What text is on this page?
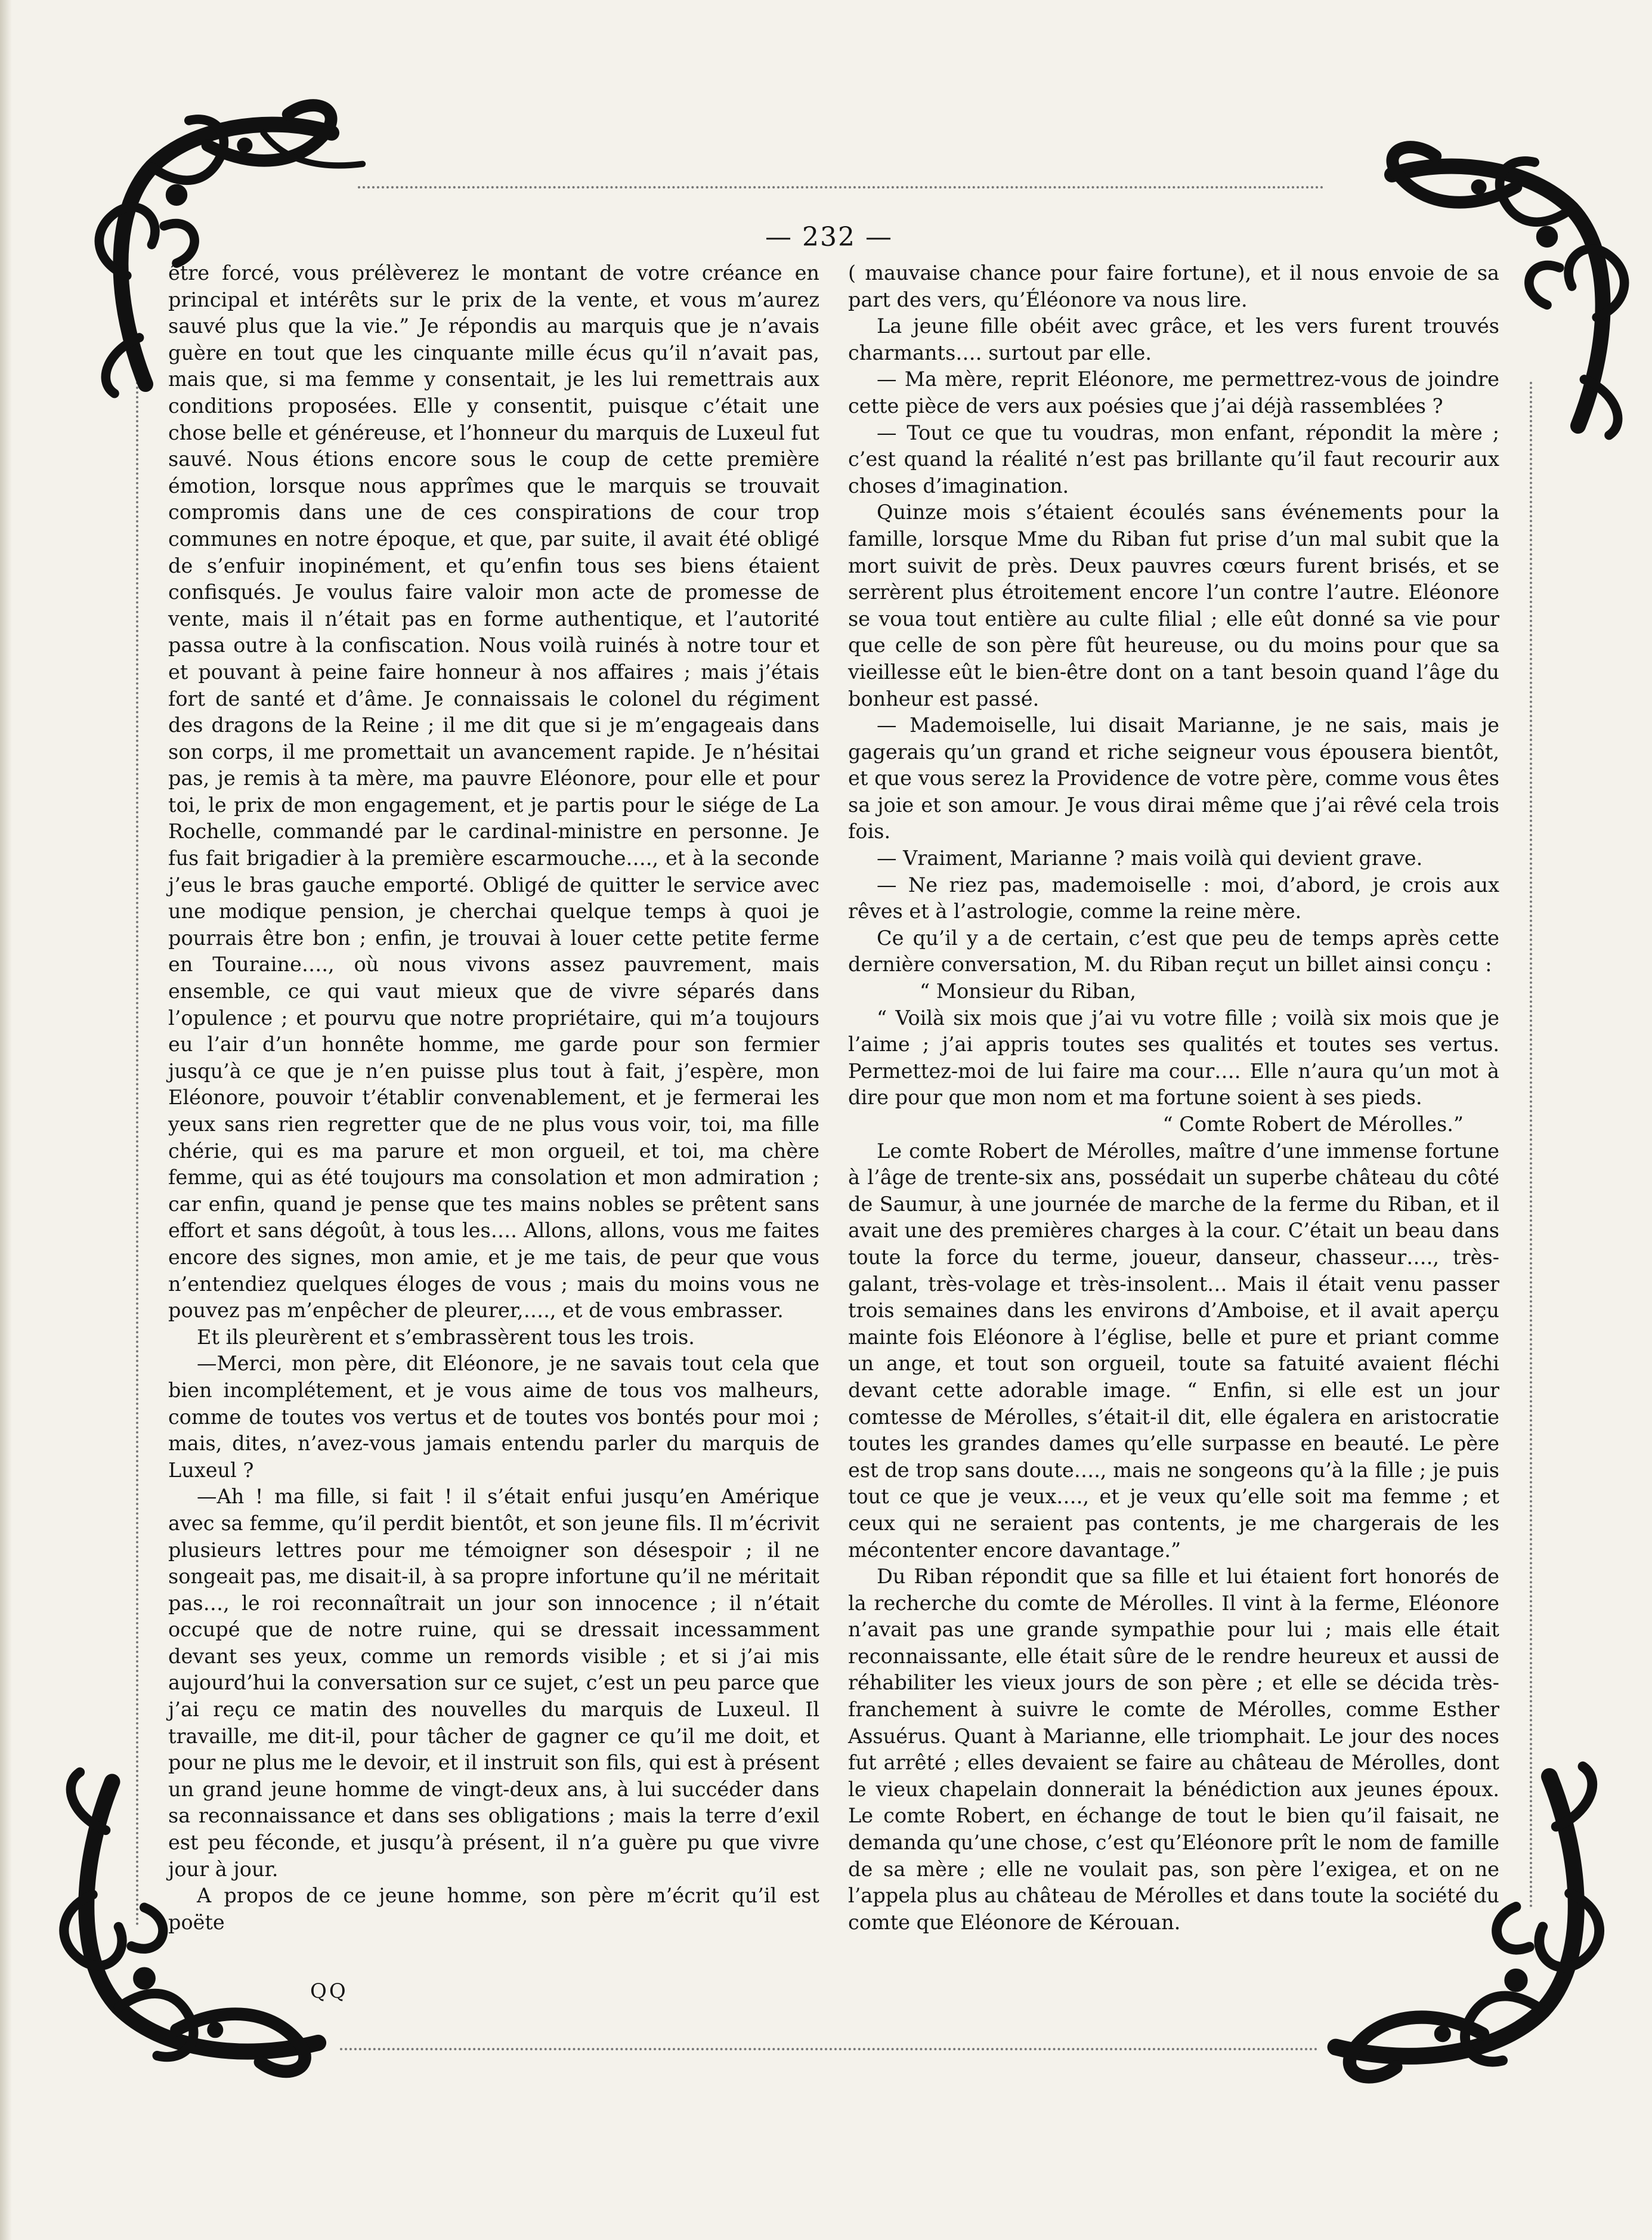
— 232 —

être forcé, vous prélèverez le montant de votre créance en principal et intérêts sur le prix de la vente, et vous m’aurez sauvé plus que la vie.” Je répondis au marquis que je n’avais guère en tout que les cinquante mille écus qu’il n’avait pas, mais que, si ma femme y consentait, je les lui remettrais aux conditions proposées. Elle y consentit, puisque c’était une chose belle et généreuse, et l’honneur du marquis de Luxeul fut sauvé. Nous étions encore sous le coup de cette première émotion, lorsque nous apprîmes que le marquis se trouvait compromis dans une de ces conspirations de cour trop communes en notre époque, et que, par suite, il avait été obligé de s’enfuir inopinément, et qu’enfin tous ses biens étaient confisqués. Je voulus faire valoir mon acte de promesse de vente, mais il n’était pas en forme authentique, et l’autorité passa outre à la confiscation. Nous voilà ruinés à notre tour et et pouvant à peine faire honneur à nos affaires ; mais j’étais fort de santé et d’âme. Je connaissais le colonel du régiment des dragons de la Reine ; il me dit que si je m’engageais dans son corps, il me promettait un avancement rapide. Je n’hésitai pas, je remis à ta mère, ma pauvre Eléonore, pour elle et pour toi, le prix de mon engagement, et je partis pour le siége de La Rochelle, commandé par le cardinal-ministre en personne. Je fus fait brigadier à la première escarmouche…., et à la seconde j’eus le bras gauche emporté. Obligé de quitter le service avec une modique pension, je cherchai quelque temps à quoi je pourrais être bon ; enfin, je trouvai à louer cette petite ferme en Touraine…., où nous vivons assez pauvrement, mais ensemble, ce qui vaut mieux que de vivre séparés dans l’opulence ; et pourvu que notre propriétaire, qui m’a toujours eu l’air d’un honnête homme, me garde pour son fermier jusqu’à ce que je n’en puisse plus tout à fait, j’espère, mon Eléonore, pouvoir t’établir convenablement, et je fermerai les yeux sans rien regretter que de ne plus vous voir, toi, ma fille chérie, qui es ma parure et mon orgueil, et toi, ma chère femme, qui as été toujours ma consolation et mon admiration ; car enfin, quand je pense que tes mains nobles se prêtent sans effort et sans dégoût, à tous les…. Allons, allons, vous me faites encore des signes, mon amie, et je me tais, de peur que vous n’entendiez quelques éloges de vous ; mais du moins vous ne pouvez pas m’enpêcher de pleurer,…., et de vous embrasser.

Et ils pleurèrent et s’embrassèrent tous les trois.

—Merci, mon père, dit Eléonore, je ne savais tout cela que bien incomplétement, et je vous aime de tous vos malheurs, comme de toutes vos vertus et de toutes vos bontés pour moi ; mais, dites, n’avez-vous jamais entendu parler du marquis de Luxeul ?

—Ah ! ma fille, si fait ! il s’était enfui jusqu’en Amérique avec sa femme, qu’il perdit bientôt, et son jeune fils. Il m’écrivit plusieurs lettres pour me témoigner son désespoir ; il ne songeait pas, me disait-il, à sa propre infortune qu’il ne méritait pas…, le roi reconnaîtrait un jour son innocence ; il n’était occupé que de notre ruine, qui se dressait incessamment devant ses yeux, comme un remords visible ; et si j’ai mis aujourd’hui la conversation sur ce sujet, c’est un peu parce que j’ai reçu ce matin des nouvelles du marquis de Luxeul. Il travaille, me dit-il, pour tâcher de gagner ce qu’il me doit, et pour ne plus me le devoir, et il instruit son fils, qui est à présent un grand jeune homme de vingt-deux ans, à lui succéder dans sa reconnaissance et dans ses obligations ; mais la terre d’exil est peu féconde, et jusqu’à présent, il n’a guère pu que vivre jour à jour.

A propos de ce jeune homme, son père m’écrit qu’il est poëte

QQ

( mauvaise chance pour faire fortune), et il nous envoie de sa part des vers, qu’Éléonore va nous lire.

La jeune fille obéit avec grâce, et les vers furent trouvés charmants…. surtout par elle.

— Ma mère, reprit Eléonore, me permettrez-vous de joindre cette pièce de vers aux poésies que j’ai déjà rassemblées ?

— Tout ce que tu voudras, mon enfant, répondit la mère ; c’est quand la réalité n’est pas brillante qu’il faut recourir aux choses d’imagination.

Quinze mois s’étaient écoulés sans événements pour la famille, lorsque Mme du Riban fut prise d’un mal subit que la mort suivit de près. Deux pauvres cœurs furent brisés, et se serrèrent plus étroitement encore l’un contre l’autre. Eléonore se voua tout entière au culte filial ; elle eût donné sa vie pour que celle de son père fût heureuse, ou du moins pour que sa vieillesse eût le bien-être dont on a tant besoin quand l’âge du bonheur est passé.

— Mademoiselle, lui disait Marianne, je ne sais, mais je gagerais qu’un grand et riche seigneur vous épousera bientôt, et que vous serez la Providence de votre père, comme vous êtes sa joie et son amour. Je vous dirai même que j’ai rêvé cela trois fois.

— Vraiment, Marianne ? mais voilà qui devient grave.

— Ne riez pas, mademoiselle : moi, d’abord, je crois aux rêves et à l’astrologie, comme la reine mère.

Ce qu’il y a de certain, c’est que peu de temps après cette dernière conversation, M. du Riban reçut un billet ainsi conçu :

“ Monsieur du Riban,

“ Voilà six mois que j’ai vu votre fille ; voilà six mois que je l’aime ; j’ai appris toutes ses qualités et toutes ses vertus. Permettez-moi de lui faire ma cour…. Elle n’aura qu’un mot à dire pour que mon nom et ma fortune soient à ses pieds.

“ Comte Robert de Mérolles.”

Le comte Robert de Mérolles, maître d’une immense fortune à l’âge de trente-six ans, possédait un superbe château du côté de Saumur, à une journée de marche de la ferme du Riban, et il avait une des premières charges à la cour. C’était un beau dans toute la force du terme, joueur, danseur, chasseur…., très-galant, très-volage et très-insolent… Mais il était venu passer trois semaines dans les environs d’Amboise, et il avait aperçu mainte fois Eléonore à l’église, belle et pure et priant comme un ange, et tout son orgueil, toute sa fatuité avaient fléchi devant cette adorable image. “ Enfin, si elle est un jour comtesse de Mérolles, s’était-il dit, elle égalera en aristocratie toutes les grandes dames qu’elle surpasse en beauté. Le père est de trop sans doute…., mais ne songeons qu’à la fille ; je puis tout ce que je veux…., et je veux qu’elle soit ma femme ; et ceux qui ne seraient pas contents, je me chargerais de les mécontenter encore davantage.”

Du Riban répondit que sa fille et lui étaient fort honorés de la recherche du comte de Mérolles. Il vint à la ferme, Eléonore n’avait pas une grande sympathie pour lui ; mais elle était reconnaissante, elle était sûre de le rendre heureux et aussi de réhabiliter les vieux jours de son père ; et elle se décida très-franchement à suivre le comte de Mérolles, comme Esther Assuérus. Quant à Marianne, elle triomphait. Le jour des noces fut arrêté ; elles devaient se faire au château de Mérolles, dont le vieux chapelain donnerait la bénédiction aux jeunes époux. Le comte Robert, en échange de tout le bien qu’il faisait, ne demanda qu’une chose, c’est qu’Eléonore prît le nom de famille de sa mère ; elle ne voulait pas, son père l’exigea, et on ne l’appela plus au château de Mérolles et dans toute la société du comte que Eléonore de Kérouan.
